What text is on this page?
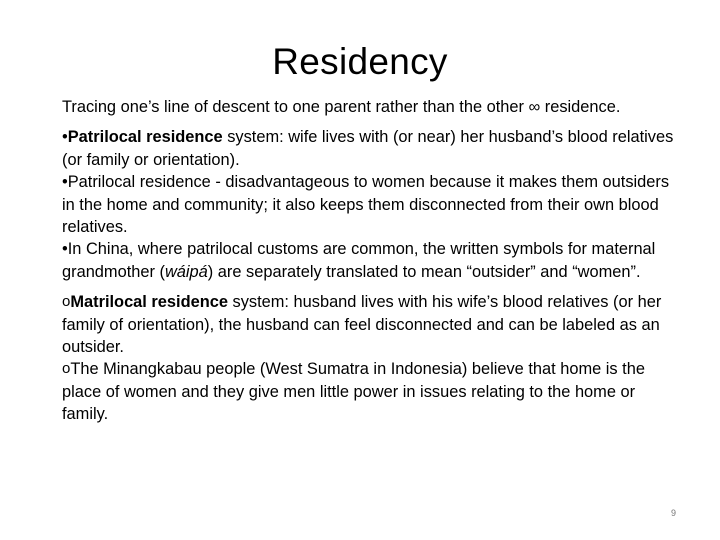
Residency

Tracing one’s line of descent to one parent rather than the other ∞ residence.

•Patrilocal residence system: wife lives with (or near) her husband’s blood relatives (or family or orientation).

•Patrilocal residence - disadvantageous to women because it makes them outsiders in the home and community; it also keeps them disconnected from their own blood relatives.

•In China, where patrilocal customs are common, the written symbols for maternal grandmother (wáipá) are separately translated to mean “outsider” and “women”.

oMatrilocal residence system: husband lives with his wife’s blood relatives (or her family of orientation), the husband can feel disconnected and can be labeled as an outsider.

oThe Minangkabau people (West Sumatra in Indonesia) believe that home is the place of women and they give men little power in issues relating to the home or family.

9
